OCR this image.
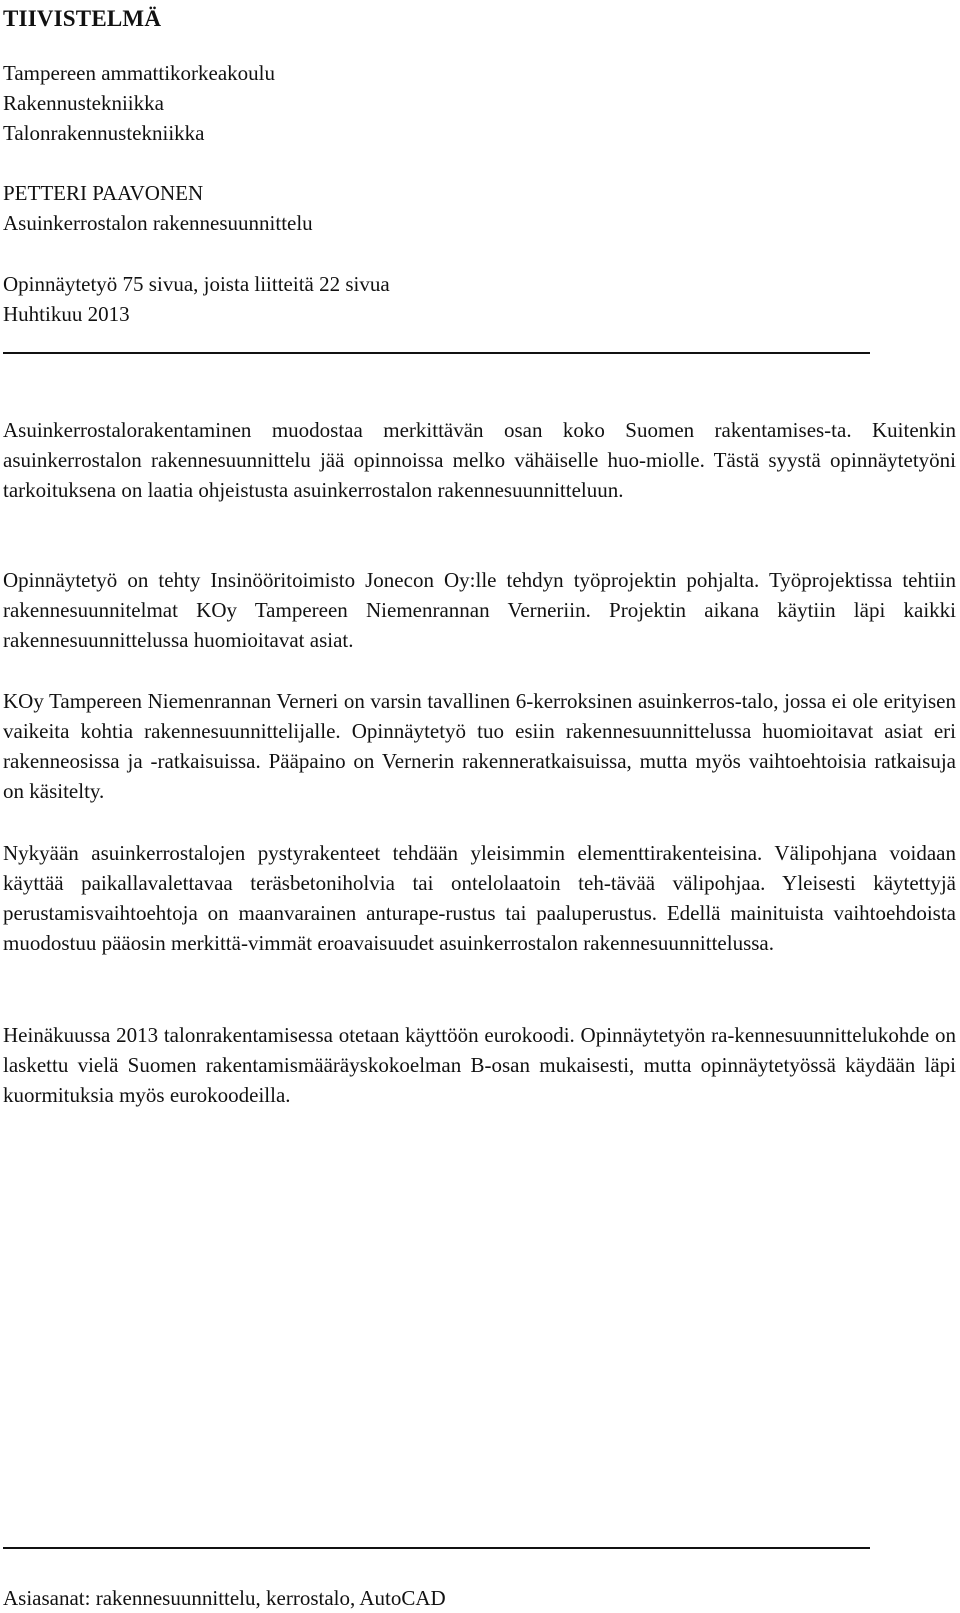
TIIVISTELMÄ
Tampereen ammattikorkeakoulu
Rakennustekniikka
Talonrakennustekniikka
PETTERI PAAVONEN
Asuinkerrostalon rakennesuunnittelu
Opinnäytetyö 75 sivua, joista liitteitä 22 sivua
Huhtikuu 2013

Asuinkerrostalorakentaminen muodostaa merkittävän osan koko Suomen rakentamises-ta. Kuitenkin asuinkerrostalon rakennesuunnittelu jää opinnoissa melko vähäiselle huo-miolle. Tästä syystä opinnäytetyöni tarkoituksena on laatia ohjeistusta asuinkerrostalon rakennesuunnitteluun.

Opinnäytetyö on tehty Insinööritoimisto Jonecon Oy:lle tehdyn työprojektin pohjalta. Työprojektissa tehtiin rakennesuunnitelmat KOy Tampereen Niemenrannan Verneriin. Projektin aikana käytiin läpi kaikki rakennesuunnittelussa huomioitavat asiat.

KOy Tampereen Niemenrannan Verneri on varsin tavallinen 6-kerroksinen asuinkerros-talo, jossa ei ole erityisen vaikeita kohtia rakennesuunnittelijalle. Opinnäytetyö tuo esiin rakennesuunnittelussa huomioitavat asiat eri rakenneosissa ja -ratkaisuissa. Pääpaino on Vernerin rakenneratkaisuissa, mutta myös vaihtoehtoisia ratkaisuja on käsitelty.

Nykyään asuinkerrostalojen pystyrakenteet tehdään yleisimmin elementtirakenteisina. Välipohjana voidaan käyttää paikallavalettavaa teräsbetoniholvia tai ontelolaatoin teh-tävää välipohjaa. Yleisesti käytettyjä perustamisvaihtoehtoja on maanvarainen anturape-rustus tai paaluperustus. Edellä mainituista vaihtoehdoista muodostuu pääosin merkittä-vimmät eroavaisuudet asuinkerrostalon rakennesuunnittelussa.

Heinäkuussa 2013 talonrakentamisessa otetaan käyttöön eurokoodi. Opinnäytetyön ra-kennesuunnittelukohde on laskettu vielä Suomen rakentamismääräyskokoelman B-osan mukaisesti, mutta opinnäytetyössä käydään läpi kuormituksia myös eurokoodeilla.

Asiasanat: rakennesuunnittelu, kerrostalo, AutoCAD
